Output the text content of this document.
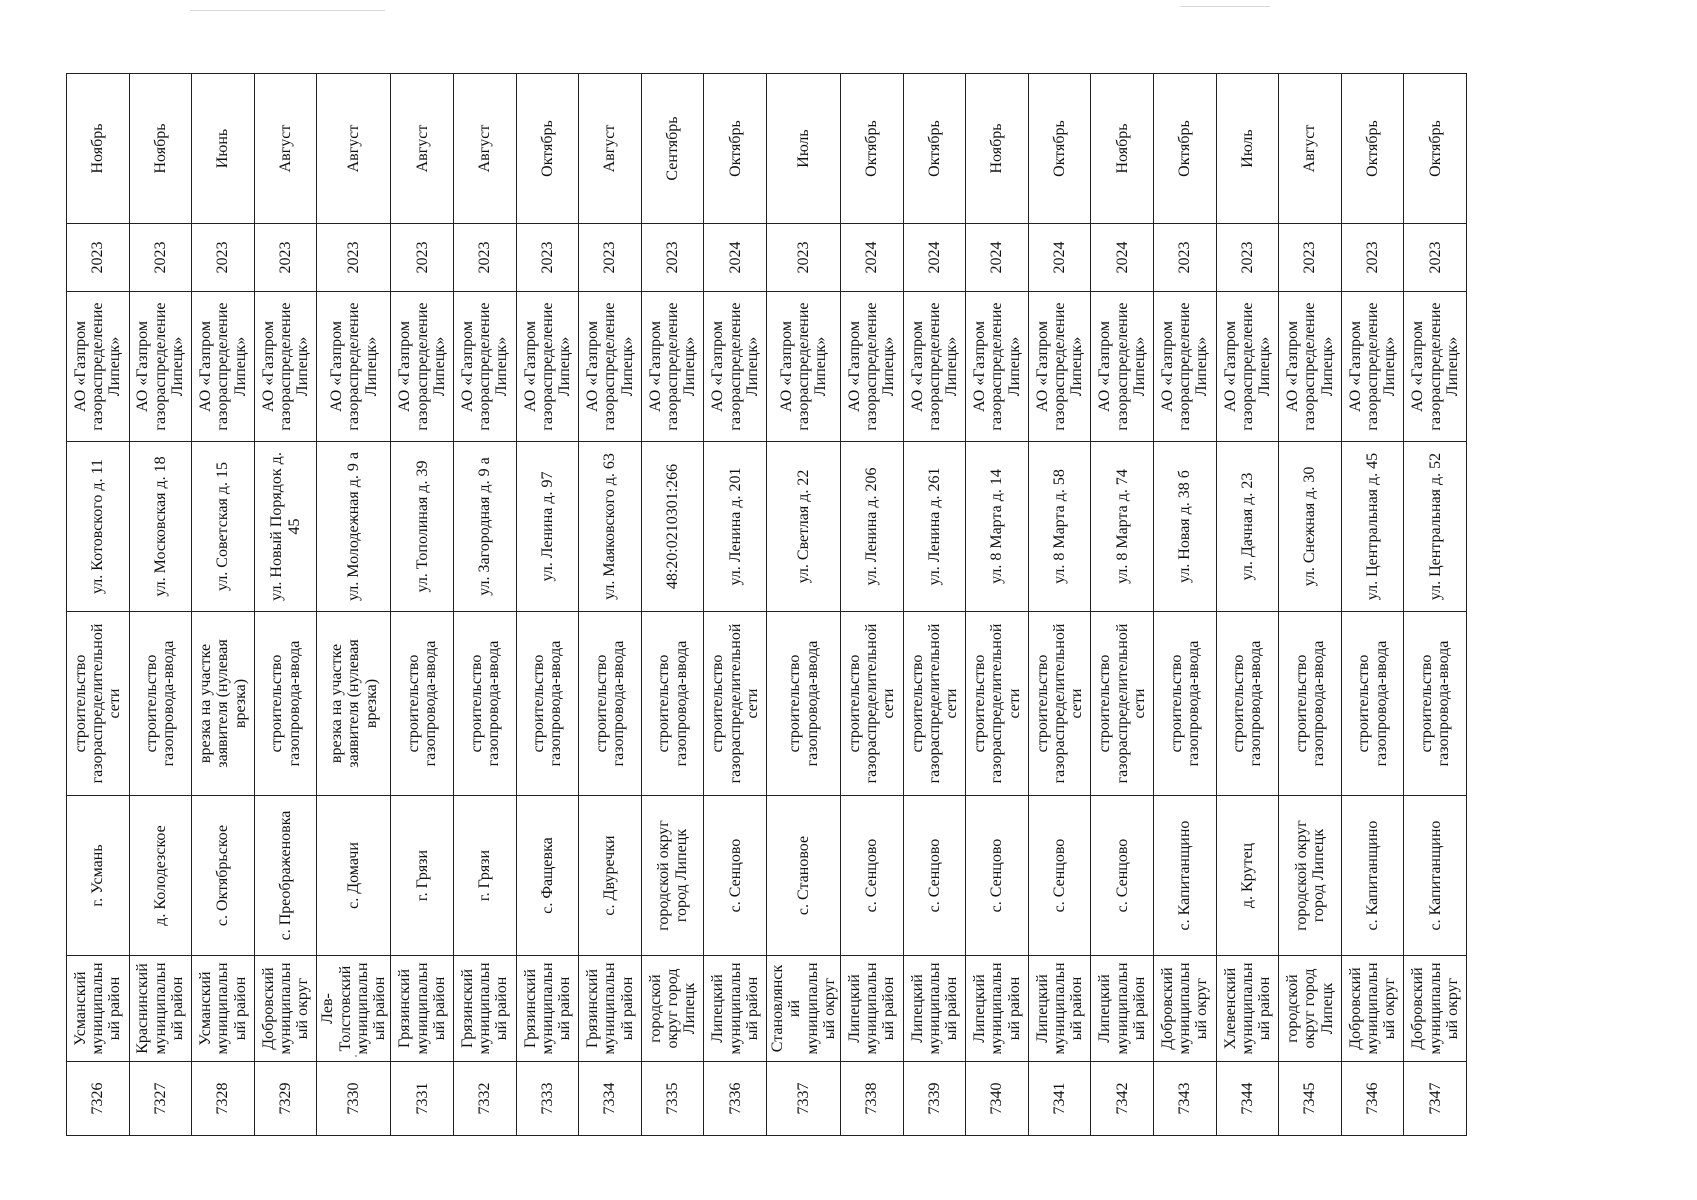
7326	Усманский муниципальный район	г. Усмань	строительство газораспределительной сети	ул. Котовского д. 11	АО «Газпром газораспределение Липецк»	2023	Ноябрь
7327	Краснинский муниципальный район	д. Колодезское	строительство газопровода-ввода	ул. Московская д. 18	АО «Газпром газораспределение Липецк»	2023	Ноябрь
7328	Усманский муниципальный район	с. Октябрьское	врезка на участке заявителя (нулевая врезка)	ул. Советская д. 15	АО «Газпром газораспределение Липецк»	2023	Июнь
7329	Добровский муниципальный округ	с. Преображеновка	строительство газопровода-ввода	ул. Новый Порядок д. 45	АО «Газпром газораспределение Липецк»	2023	Август
7330	Лев-Толстовский муниципальный район	с. Домачи	врезка на участке заявителя (нулевая врезка)	ул. Молодежная д. 9 а	АО «Газпром газораспределение Липецк»	2023	Август
7331	Грязинский муниципальный район	г. Грязи	строительство газопровода-ввода	ул. Тополиная д. 39	АО «Газпром газораспределение Липецк»	2023	Август
7332	Грязинский муниципальный район	г. Грязи	строительство газопровода-ввода	ул. Загородная д. 9 а	АО «Газпром газораспределение Липецк»	2023	Август
7333	Грязинский муниципальный район	с. Фащевка	строительство газопровода-ввода	ул. Ленина д. 97	АО «Газпром газораспределение Липецк»	2023	Октябрь
7334	Грязинский муниципальный район	с. Двуречки	строительство газопровода-ввода	ул. Маяковского д. 63	АО «Газпром газораспределение Липецк»	2023	Август
7335	городской округ город Липецк	городской округ город Липецк	строительство газопровода-ввода	48:20:0210301:266	АО «Газпром газораспределение Липецк»	2023	Сентябрь
7336	Липецкий муниципальный район	с. Сенцово	строительство газораспределительной сети	ул. Ленина д. 201	АО «Газпром газораспределение Липецк»	2024	Октябрь
7337	Становлянский муниципальный округ	с. Становое	строительство газопровода-ввода	ул. Светлая д. 22	АО «Газпром газораспределение Липецк»	2023	Июль
7338	Липецкий муниципальный район	с. Сенцово	строительство газораспределительной сети	ул. Ленина д. 206	АО «Газпром газораспределение Липецк»	2024	Октябрь
7339	Липецкий муниципальный район	с. Сенцово	строительство газораспределительной сети	ул. Ленина д. 261	АО «Газпром газораспределение Липецк»	2024	Октябрь
7340	Липецкий муниципальный район	с. Сенцово	строительство газораспределительной сети	ул. 8 Марта д. 14	АО «Газпром газораспределение Липецк»	2024	Ноябрь
7341	Липецкий муниципальный район	с. Сенцово	строительство газораспределительной сети	ул. 8 Марта д. 58	АО «Газпром газораспределение Липецк»	2024	Октябрь
7342	Липецкий муниципальный район	с. Сенцово	строительство газораспределительной сети	ул. 8 Марта д. 74	АО «Газпром газораспределение Липецк»	2024	Ноябрь
7343	Добровский муниципальный округ	с. Капитанщино	строительство газопровода-ввода	ул. Новая д. 38 б	АО «Газпром газораспределение Липецк»	2023	Октябрь
7344	Хлевенский муниципальный район	д. Крутец	строительство газопровода-ввода	ул. Дачная д. 23	АО «Газпром газораспределение Липецк»	2023	Июль
7345	городской округ город Липецк	городской округ город Липецк	строительство газопровода-ввода	ул. Снежная д. 30	АО «Газпром газораспределение Липецк»	2023	Август
7346	Добровский муниципальный округ	с. Капитанщино	строительство газопровода-ввода	ул. Центральная д. 45	АО «Газпром газораспределение Липецк»	2023	Октябрь
7347	Добровский муниципальный округ	с. Капитанщино	строительство газопровода-ввода	ул. Центральная д. 52	АО «Газпром газораспределение Липецк»	2023	Октябрь
